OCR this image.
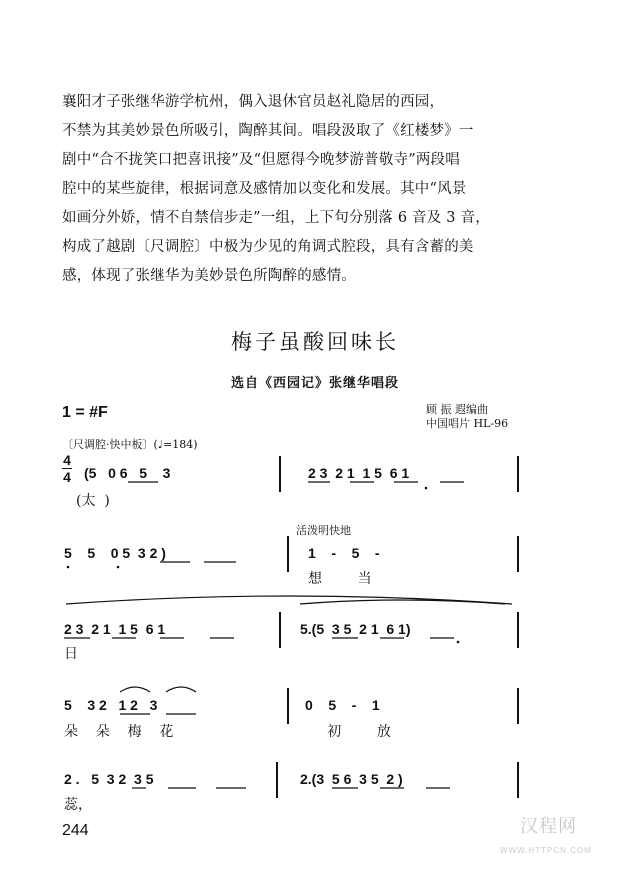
襄阳才子张继华游学杭州，偶入退休官员赵礼隐居的西园，

不禁为其美妙景色所吸引，陶醉其间。唱段汲取了《红楼梦》一

剧中“合不拢笑口把喜讯接”及“但愿得今晚梦游普敬寺”两段唱

腔中的某些旋律，根据词意及感情加以变化和发展。其中“风景

如画分外娇，情不自禁信步走”一组，上下句分别落 6 音及 3 音，

构成了越剧〔尺调腔〕中极为少见的角调式腔段，具有含蓄的美

感，体现了张继华为美妙景色所陶醉的感情。

梅子虽酸回味长
选自《西园记》张继华唱段
1 = #F	顾 振 遐编曲
中国唱片 HL-96
〔尺调腔·快中板〕(♩=184)
4
4 (5   0 6   5    3	2 3  2 1  1 5  6 1
(太  )
活泼明快地
5    5    0 5  3 2 )	1    -    5    -
想        当
2 3  2 1  1 5  6 1	5.(5  3 5  2 1  6 1)
日
5    3 2   1 2   3	0    5    -    1
朵    朵    梅    花	初        放
2 .   5  3 2  3 5	2.(3  5 6  3 5  2 )
蕊，
244	汉程网
WWW.HTTPCN.COM
